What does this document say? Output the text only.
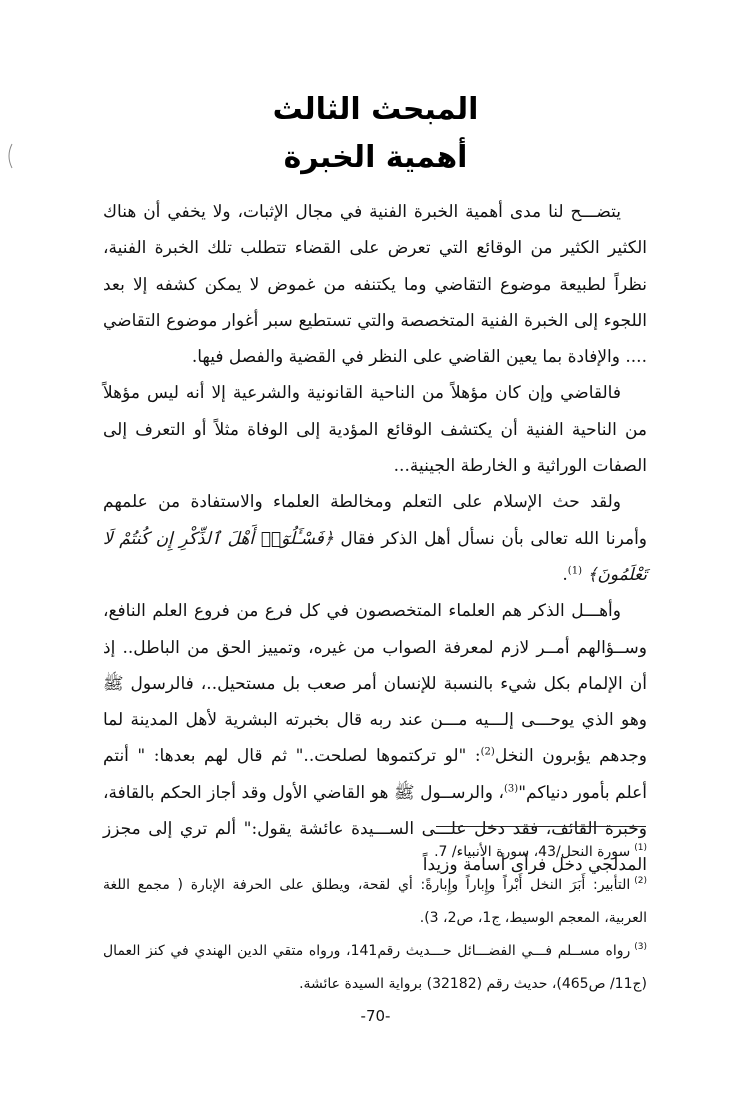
المبحث الثالث
أهمية الخبرة

يتضـــح لنا مدى أهمية الخبرة الفنية في مجال الإثبات، ولا يخفي أن هناك الكثير الكثير من الوقائع التي تعرض على القضاء تتطلب تلك الخبرة الفنية، نظراً لطبيعة موضوع التقاضي وما يكتنفه من غموض لا يمكن كشفه إلا بعد اللجوء إلى الخبرة الفنية المتخصصة والتي تستطيع سبر أغوار موضوع التقاضي .... والإفادة بما يعين القاضي على النظر في القضية والفصل فيها.

فالقاضي وإن كان مؤهلاً من الناحية القانونية والشرعية إلا أنه ليس مؤهلاً من الناحية الفنية أن يكتشف الوقائع المؤدية إلى الوفاة مثلاً أو التعرف إلى الصفات الوراثية و الخارطة الجينية...

ولقد حث الإسلام على التعلم ومخالطة العلماء والاستفادة من علمهم وأمرنا الله تعالى بأن نسأل أهل الذكر فقال ﴿فَسْـَٔلُوٓا۟ أَهْلَ ٱلذِّكْرِ إِن كُنتُمْ لَا تَعْلَمُونَ﴾ $^{(1)}$.

وأهـــل الذكر هم العلماء المتخصصون في كل فرع من فروع العلم النافع، وســؤالهم أمــر لازم لمعرفة الصواب من غيره، وتمييز الحق من الباطل.. إذ أن الإلمام بكل شيء بالنسبة للإنسان أمر صعب بل مستحيل..، فالرسول ﷺ وهو الذي يوحـــى إلـــيه مـــن عند ربه قال بخبرته البشرية لأهل المدينة لما وجدهم يؤبرون النخل$^{(2)}$: "لو تركتموها لصلحت.." ثم قال لهم بعدها: " أنتم أعلم بأمور دنياكم"$^{(3)}$، والرســول ﷺ هو القاضي الأول وقد أجاز الحكم بالقافة، وخبرة القائف، فقد دخل علـــى الســـيدة عائشة يقول:" ألم تري إلى مجزز المدلجي دخل فرأى أسامة وزيداً

$^{(1)}$سورة النحل/43، سورة الأنبياء/ 7.

$^{(2)}$التأبير: أَبَرَ النخل أَبْراً وإِباراً وإِبارةً: أي لقحة، ويطلق على الحرفة الإبارة ( مجمع اللغة العربية، المعجم الوسيط، ج1، ص2، 3).

$^{(3)}$رواه مســلم فـــي الفضـــائل حـــديث رقم141، ورواه متقي الدين الهندي في كنز العمال (ج11/ ص465)، حديث رقم (32182) برواية السيدة عائشة.

-70-
